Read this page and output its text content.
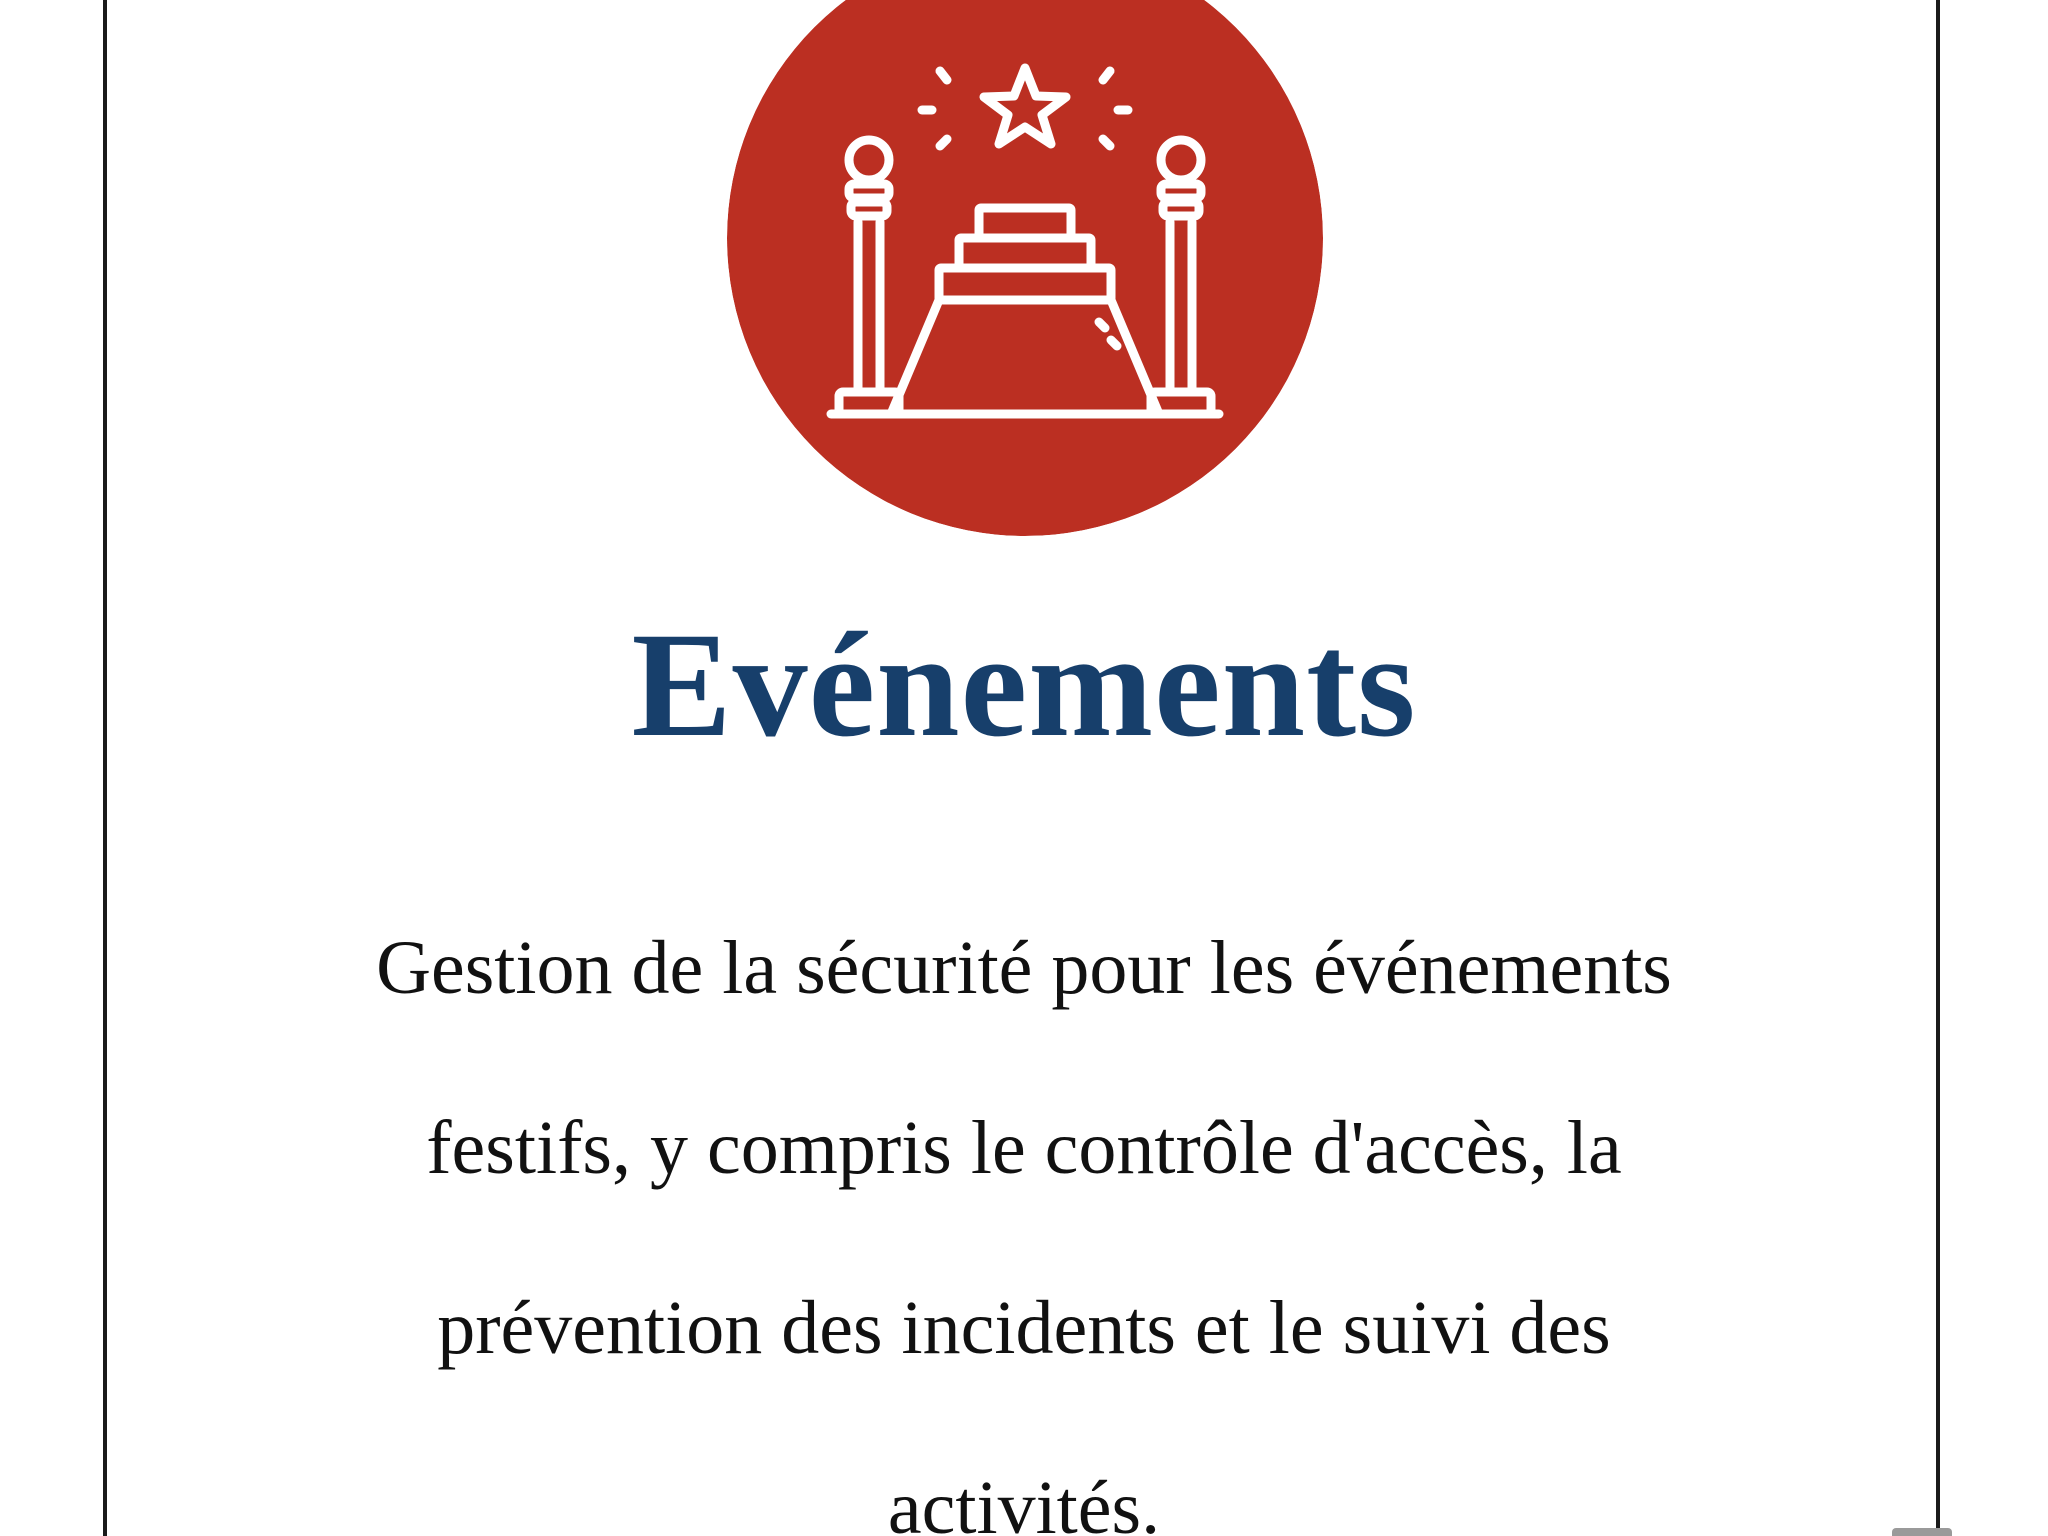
Evénements
Gestion de la sécurité pour les événements
festifs, y compris le contrôle d'accès, la
prévention des incidents et le suivi des
activités.
